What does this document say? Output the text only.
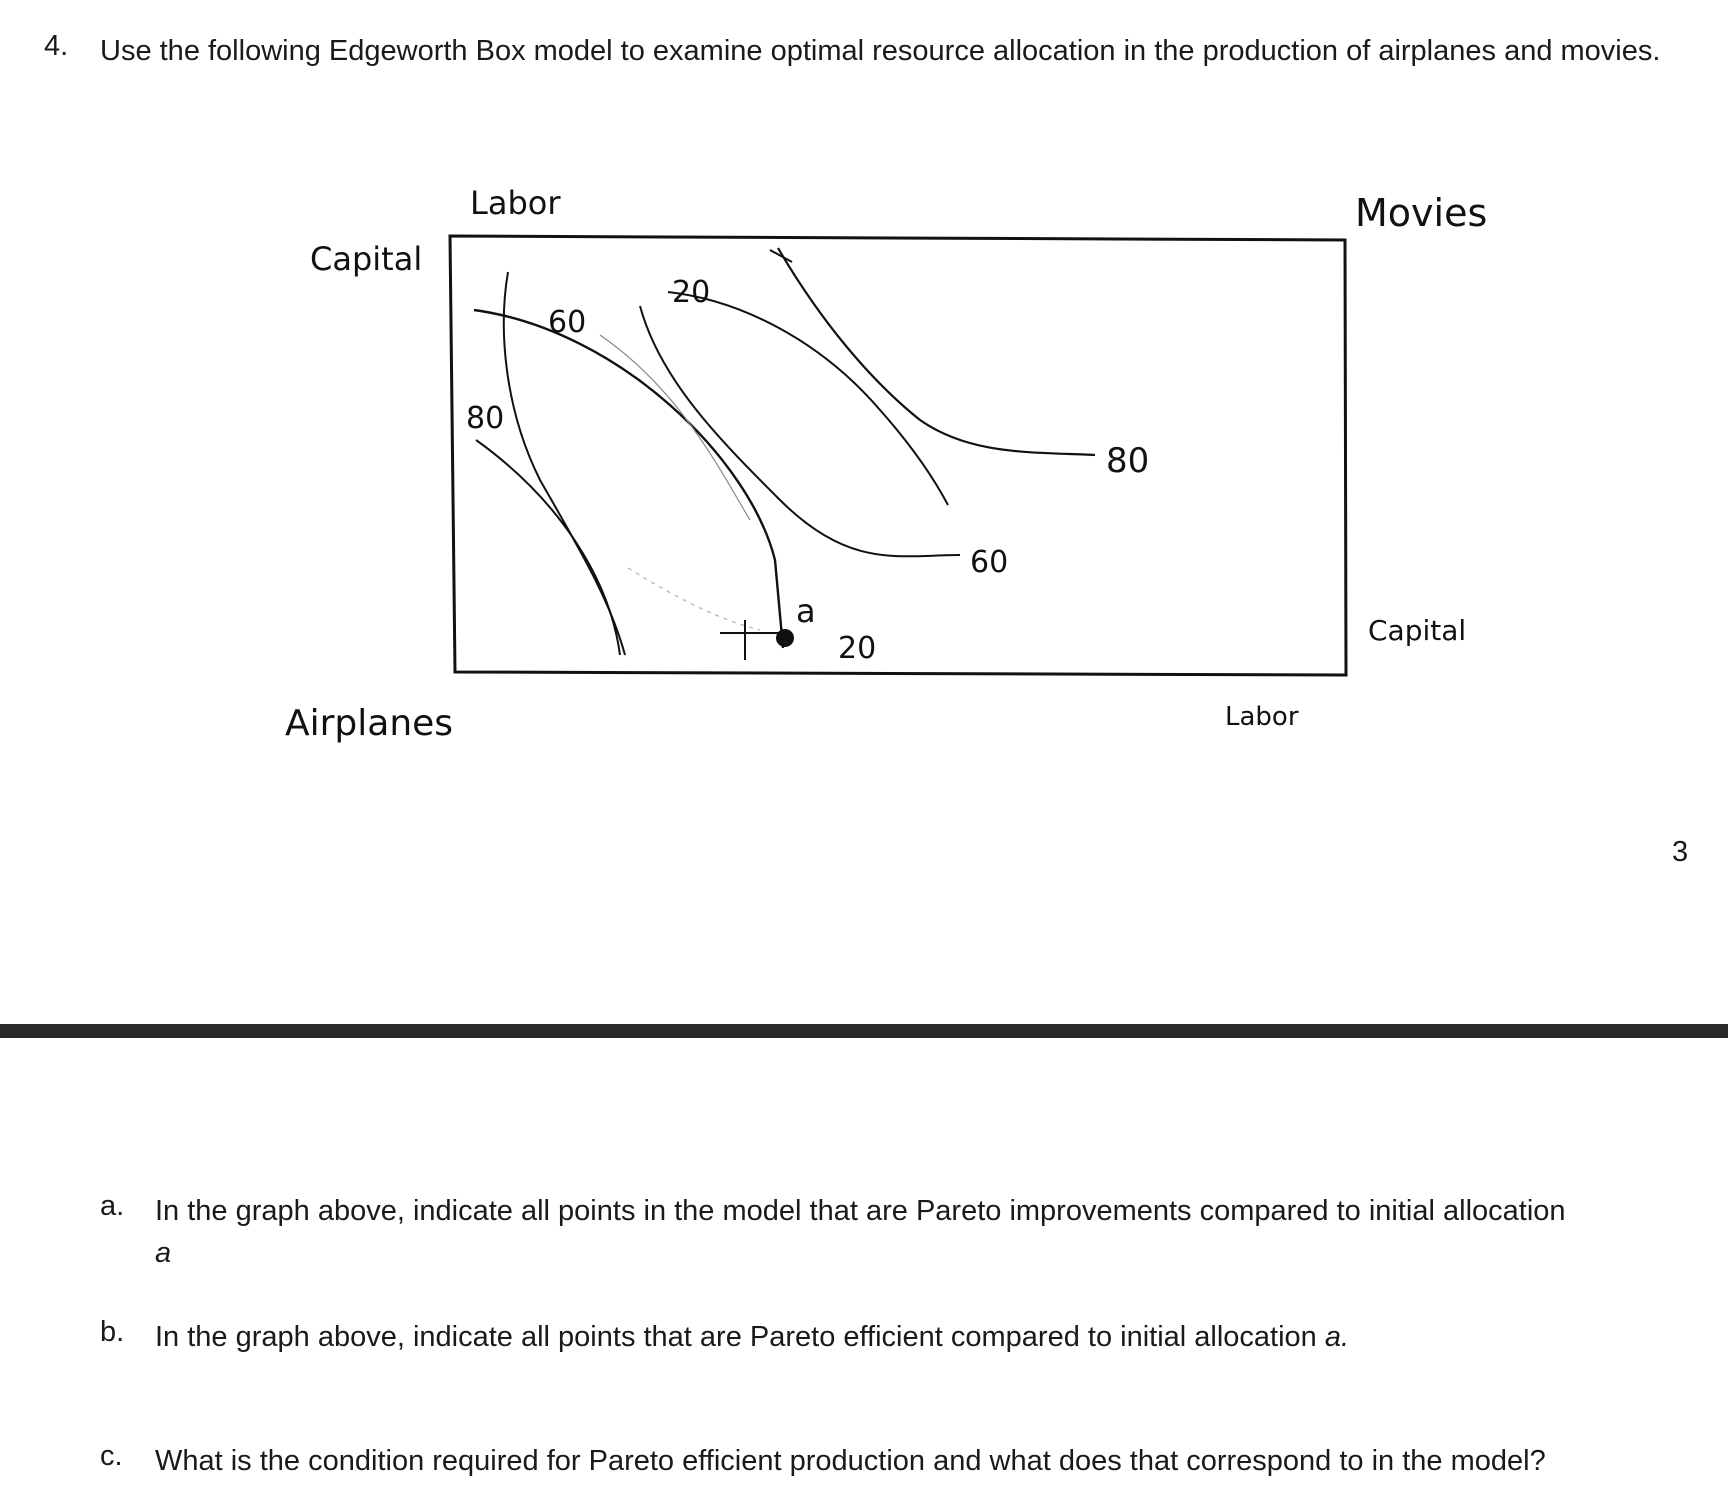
4. Use the following Edgeworth Box model to examine optimal resource allocation in the production of airplanes and movies.
Labor
Capital
Movies
Airplanes	Labor
Capital
60
80
20
80
60
20
a
3
a. In the graph above, indicate all points in the model that are Pareto improvements compared to initial allocation
a
b. In the graph above, indicate all points that are Pareto efficient compared to initial allocation a.
c. What is the condition required for Pareto efficient production and what does that correspond to in the model?
